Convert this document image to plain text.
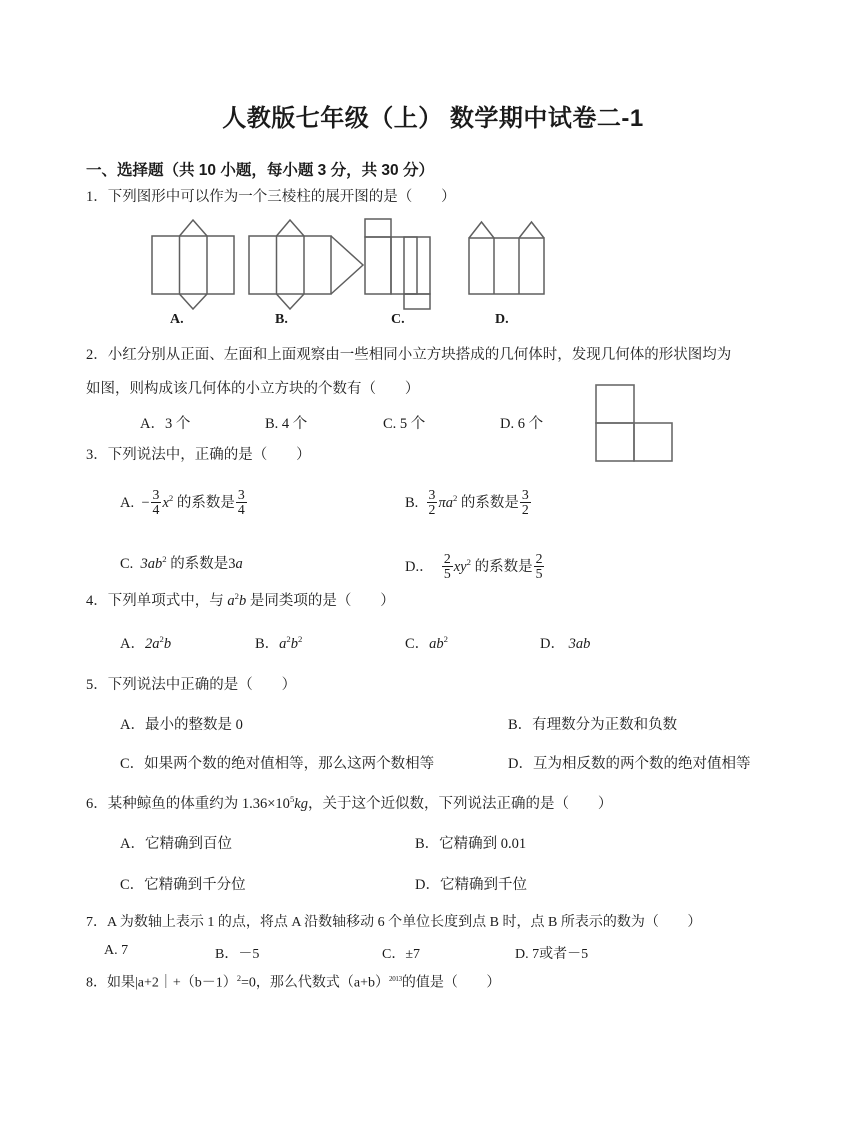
人教版七年级（上） 数学期中试卷二-1
一、选择题（共 10 小题，每小题 3 分，共 30 分）
1．下列图形中可以作为一个三棱柱的展开图的是（ ）
A.	B.	C.	D.
2．小红分别从正面、左面和上面观察由一些相同小立方块搭成的几何体时，发现几何体的形状图均为
如图，则构成该几何体的小立方块的个数有（ ）
A．3 个	B. 4 个	C. 5 个	D. 6 个
3．下列说法中，正确的是（ ）
A. − $\frac{3}{4} x^2$ 的系数是 $\frac{3}{4}$	B. $\frac{3}{2} \pi a^2$ 的系数是 $\frac{3}{2}$
C. $3ab^2$ 的系数是3a	D.． $\frac{2}{5} xy^2$ 的系数是 $\frac{2}{5}$
4．下列单项式中，与 $a^2b$ 是同类项的是（ ）
A．$2a^2b$	B．$a^2b^2$	C．$ab^2$	D． 3ab
5．下列说法中正确的是（ ）
A．最小的整数是 0	B．有理数分为正数和负数
C．如果两个数的绝对值相等，那么这两个数相等	D．互为相反数的两个数的绝对值相等
6．某种鲸鱼的体重约为 $1.36\times 10^5kg$，关于这个近似数，下列说法正确的是（ ）
A．它精确到百位	B．它精确到 0.01
C．它精确到千分位	D．它精确到千位
7．A 为数轴上表示 1 的点，将点 A 沿数轴移动 6 个单位长度到点 B 时，点 B 所表示的数为（ ）
A. 7	B．－5	C．±7	D. 7或者－5
8．如果$|a+2|+(b-1)^2=0$，那么代数式$(a+b)^{2013}$的值是（ ）
